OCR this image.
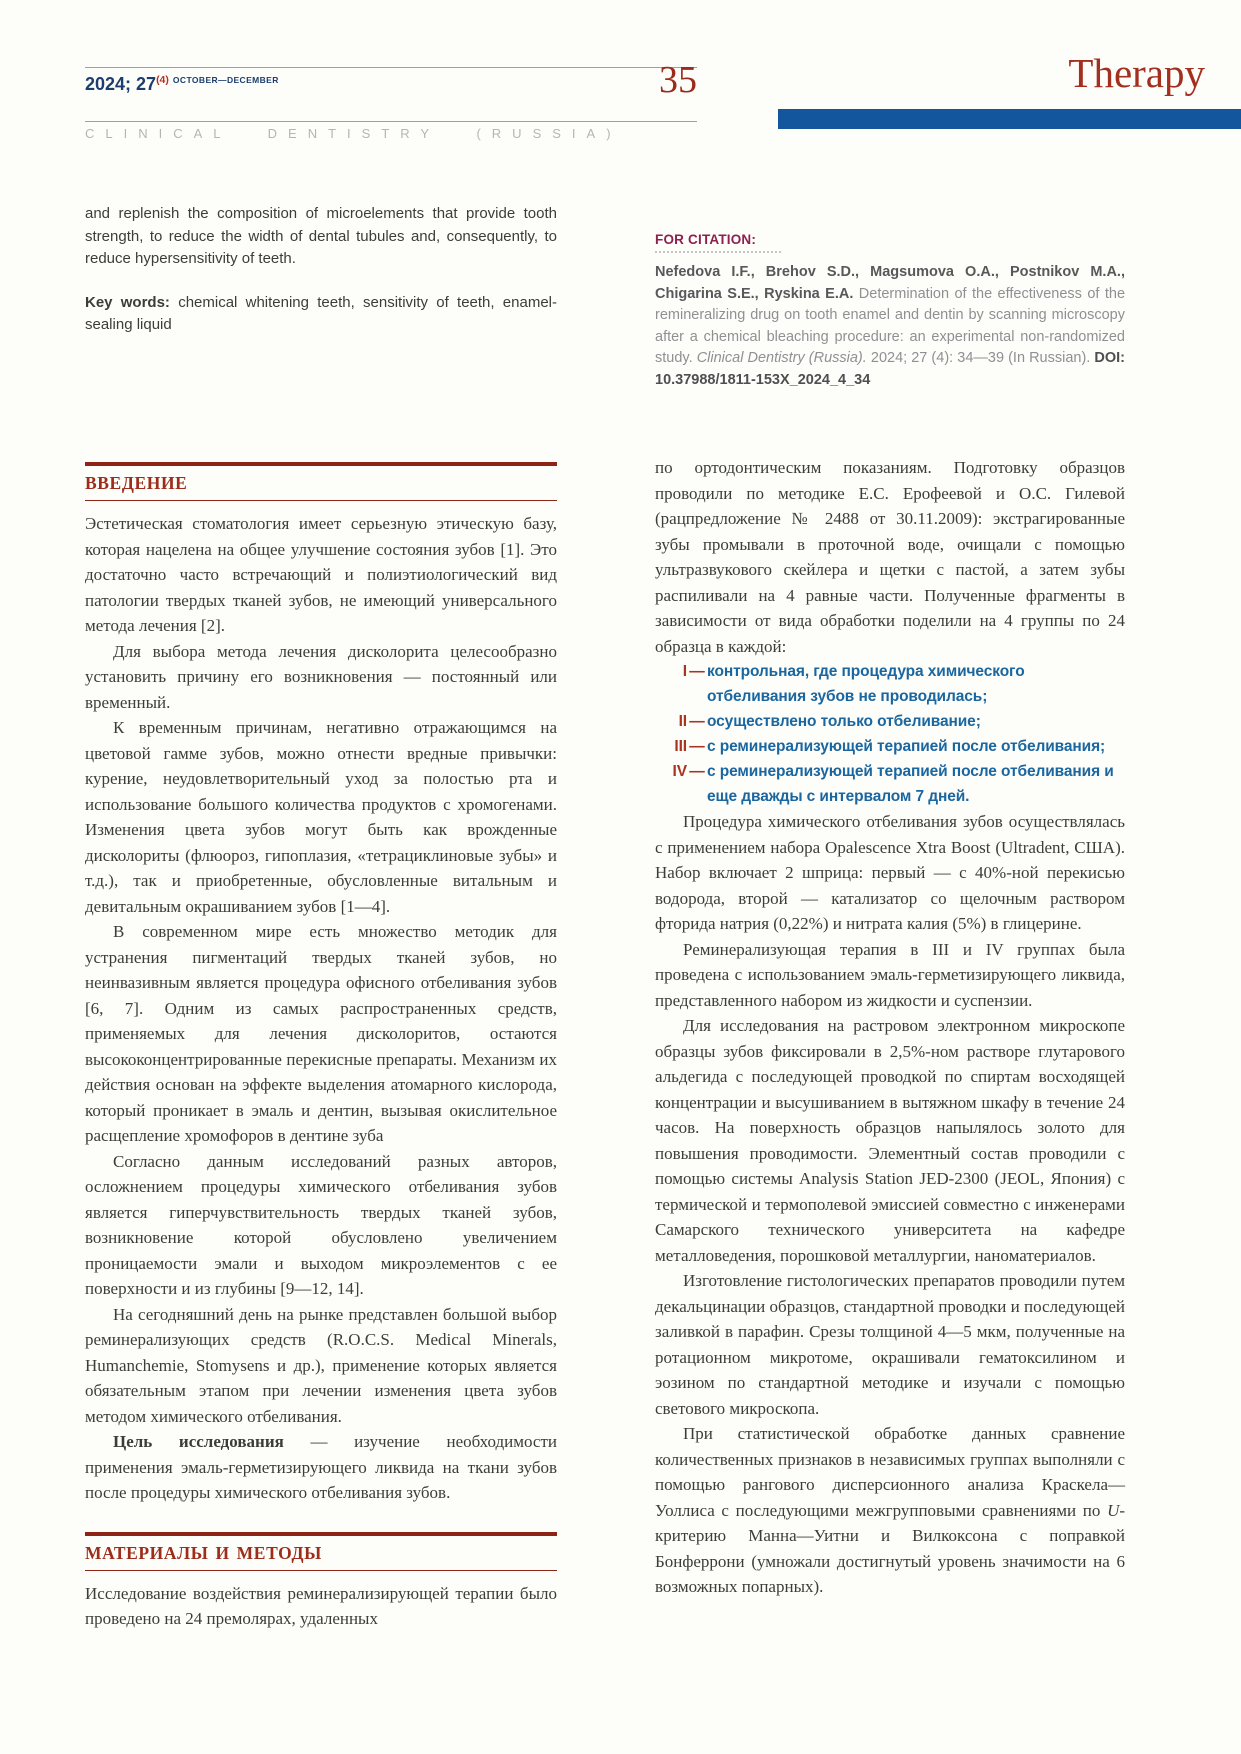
2024; 27$^{(4)}$ $^{OCTOBER—DECEMBER}$	35
CLINICAL DENTISTRY (RUSSIA)
Therapy

and replenish the composition of microelements that provide tooth strength, to reduce the width of dental tubules and, consequently, to reduce hypersensitivity of teeth.

Key words: chemical whitening teeth, sensitivity of teeth, enamel-sealing liquid

FOR CITATION:

Nefedova I.F., Brehov S.D., Magsumova O.A., Postnikov M.A., Chigarina S.E., Ryskina E.A. Determination of the effectiveness of the remineralizing drug on tooth enamel and dentin by scanning microscopy after a chemical bleaching procedure: an experimental non-randomized study. Clinical Dentistry (Russia). 2024; 27 (4): 34—39 (In Russian). DOI: 10.37988/1811-153X_2024_4_34

ВВЕДЕНИЕ

Эстетическая стоматология имеет серьезную этическую базу, которая нацелена на общее улучшение состояния зубов [1]. Это достаточно часто встречающий и полиэтиологический вид патологии твердых тканей зубов, не имеющий универсального метода лечения [2].

Для выбора метода лечения дисколорита целесообразно установить причину его возникновения — постоянный или временный.

К временным причинам, негативно отражающимся на цветовой гамме зубов, можно отнести вредные привычки: курение, неудовлетворительный уход за полостью рта и использование большого количества продуктов с хромогенами. Изменения цвета зубов могут быть как врожденные дисколориты (флюороз, гипоплазия, «тетрациклиновые зубы» и т.д.), так и приобретенные, обусловленные витальным и девитальным окрашиванием зубов [1—4].

В современном мире есть множество методик для устранения пигментаций твердых тканей зубов, но неинвазивным является процедура офисного отбеливания зубов [6, 7]. Одним из самых распространенных средств, применяемых для лечения дисколоритов, остаются высококонцентрированные перекисные препараты. Механизм их действия основан на эффекте выделения атомарного кислорода, который проникает в эмаль и дентин, вызывая окислительное расщепление хромофоров в дентине зуба

Согласно данным исследований разных авторов, осложнением процедуры химического отбеливания зубов является гиперчувствительность твердых тканей зубов, возникновение которой обусловлено увеличением проницаемости эмали и выходом микроэлементов с ее поверхности и из глубины [9—12, 14].

На сегодняшний день на рынке представлен большой выбор реминерализующих средств (R.O.C.S. Medical Minerals, Humanchemie, Stomysens и др.), применение которых является обязательным этапом при лечении изменения цвета зубов методом химического отбеливания.

Цель исследования — изучение необходимости применения эмаль-герметизирующего ликвида на ткани зубов после процедуры химического отбеливания зубов.

МАТЕРИАЛЫ И МЕТОДЫ

Исследование воздействия реминерализирующей терапии было проведено на 24 премолярах, удаленных

по ортодонтическим показаниям. Подготовку образцов проводили по методике Е.С. Ерофеевой и О.С. Гилевой (рацпредложение № 2488 от 30.11.2009): экстрагированные зубы промывали в проточной воде, очищали с помощью ультразвукового скейлера и щетки с пастой, а затем зубы распиливали на 4 равные части. Полученные фрагменты в зависимости от вида обработки поделили на 4 группы по 24 образца в каждой:

I — контрольная, где процедура химического отбеливания зубов не проводилась;
II — осуществлено только отбеливание;
III — с реминерализующей терапией после отбеливания;
IV — с реминерализующей терапией после отбеливания и еще дважды с интервалом 7 дней.

Процедура химического отбеливания зубов осуществлялась с применением набора Opalescence Xtra Boost (Ultradent, США). Набор включает 2 шприца: первый — с 40%-ной перекисью водорода, второй — катализатор со щелочным раствором фторида натрия (0,22%) и нитрата калия (5%) в глицерине.

Реминерализующая терапия в III и IV группах была проведена с использованием эмаль-герметизирующего ликвида, представленного набором из жидкости и суспензии.

Для исследования на растровом электронном микроскопе образцы зубов фиксировали в 2,5%-ном растворе глутарового альдегида с последующей проводкой по спиртам восходящей концентрации и высушиванием в вытяжном шкафу в течение 24 часов. На поверхность образцов напылялось золото для повышения проводимости. Элементный состав проводили с помощью системы Analysis Station JED-2300 (JEOL, Япония) с термической и термополевой эмиссией совместно с инженерами Самарского технического университета на кафедре металловедения, порошковой металлургии, наноматериалов.

Изготовление гистологических препаратов проводили путем декальцинации образцов, стандартной проводки и последующей заливкой в парафин. Срезы толщиной 4—5 мкм, полученные на ротационном микротоме, окрашивали гематоксилином и эозином по стандартной методике и изучали с помощью светового микроскопа.

При статистической обработке данных сравнение количественных признаков в независимых группах выполняли с помощью рангового дисперсионного анализа Краскела—Уоллиса с последующими межгрупповыми сравнениями по U-критерию Манна—Уитни и Вилкоксона с поправкой Бонферрони (умножали достигнутый уровень значимости на 6 возможных попарных).
